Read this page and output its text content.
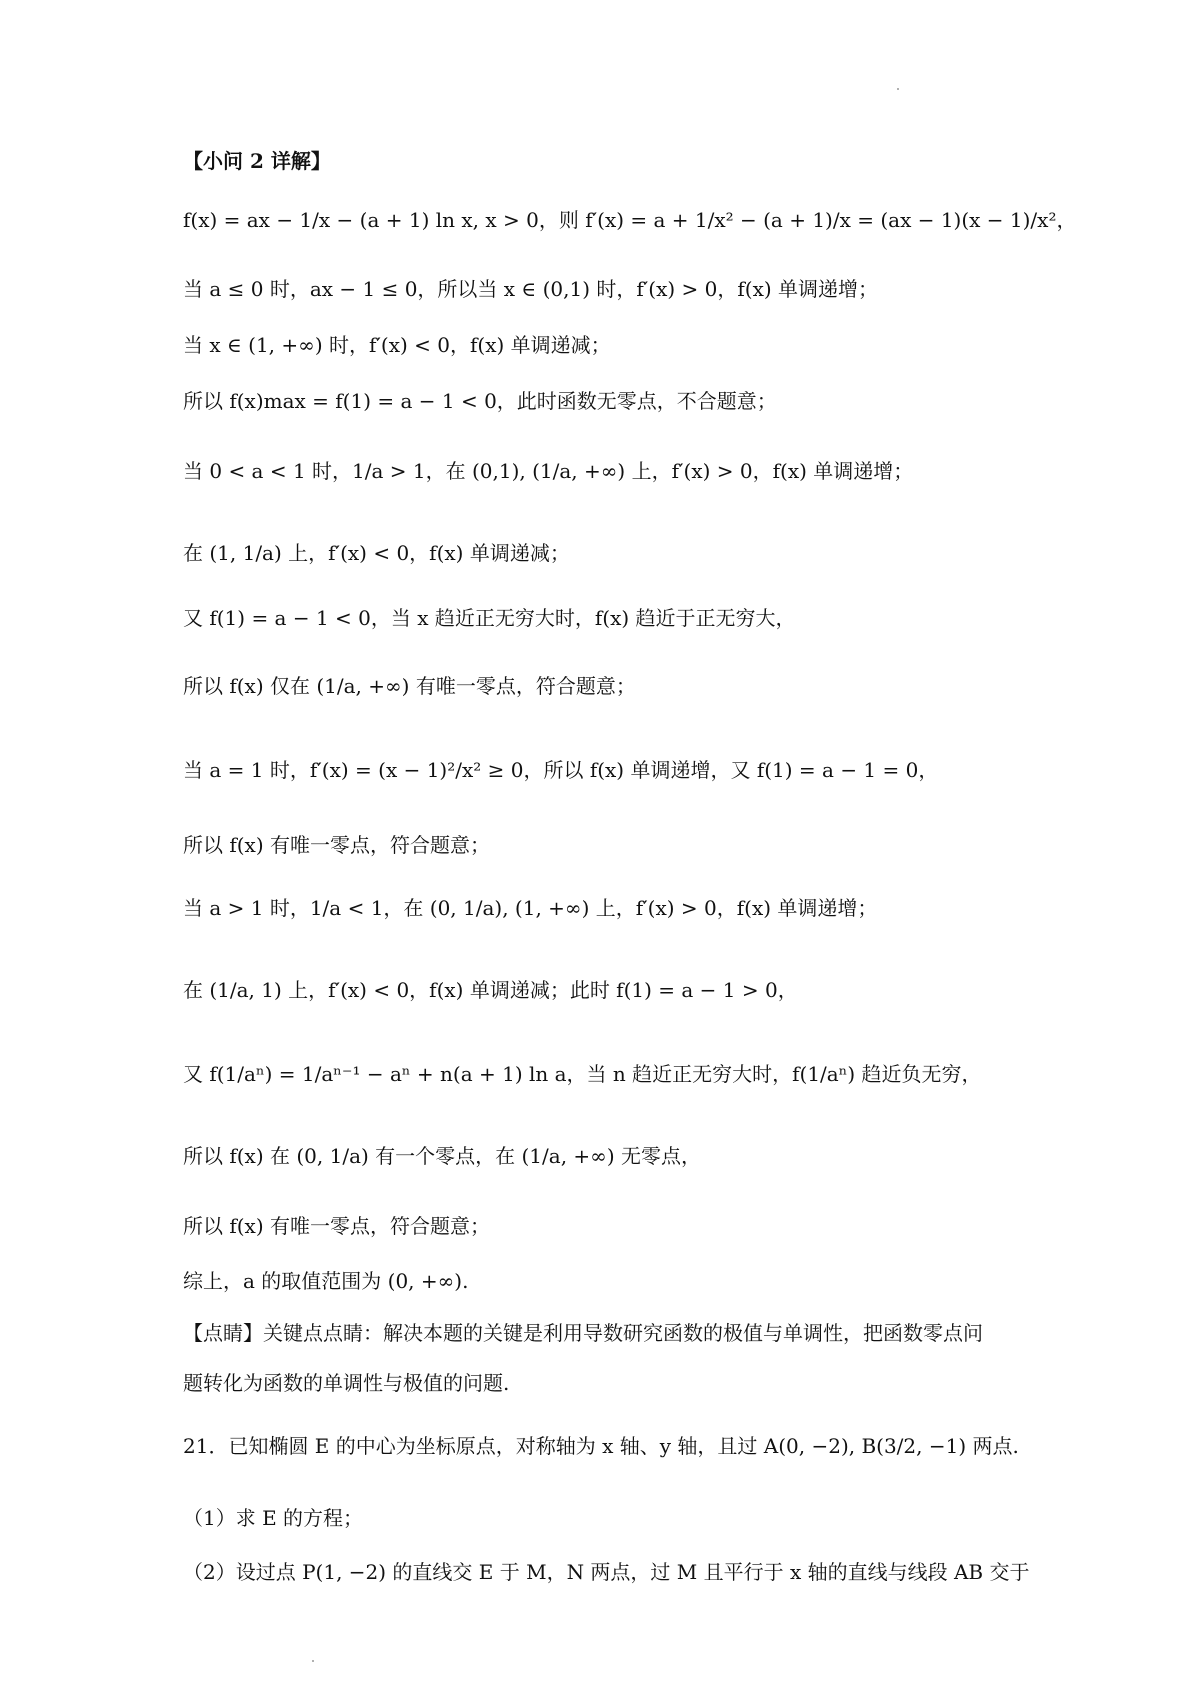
【小问 2 详解】
f(x) = ax − 1/x − (a + 1) ln x, x > 0，则 f′(x) = a + 1/x² − (a + 1)/x = (ax − 1)(x − 1)/x²，
当 a ≤ 0 时，ax − 1 ≤ 0，所以当 x ∈ (0,1) 时，f′(x) > 0，f(x) 单调递增；
当 x ∈ (1, +∞) 时，f′(x) < 0，f(x) 单调递减；
所以 f(x)max = f(1) = a − 1 < 0，此时函数无零点，不合题意；
当 0 < a < 1 时，1/a > 1，在 (0,1), (1/a, +∞) 上，f′(x) > 0，f(x) 单调递增；
在 (1, 1/a) 上，f′(x) < 0，f(x) 单调递减；
又 f(1) = a − 1 < 0，当 x 趋近正无穷大时，f(x) 趋近于正无穷大，
所以 f(x) 仅在 (1/a, +∞) 有唯一零点，符合题意；
当 a = 1 时，f′(x) = (x − 1)²/x² ≥ 0，所以 f(x) 单调递增，又 f(1) = a − 1 = 0，
所以 f(x) 有唯一零点，符合题意；
当 a > 1 时，1/a < 1，在 (0, 1/a), (1, +∞) 上，f′(x) > 0，f(x) 单调递增；
在 (1/a, 1) 上，f′(x) < 0，f(x) 单调递减；此时 f(1) = a − 1 > 0，
又 f(1/aⁿ) = 1/aⁿ⁻¹ − aⁿ + n(a + 1) ln a，当 n 趋近正无穷大时，f(1/aⁿ) 趋近负无穷，
所以 f(x) 在 (0, 1/a) 有一个零点，在 (1/a, +∞) 无零点，
所以 f(x) 有唯一零点，符合题意；
综上，a 的取值范围为 (0, +∞).
【点睛】关键点点睛：解决本题的关键是利用导数研究函数的极值与单调性，把函数零点问
题转化为函数的单调性与极值的问题.
21．已知椭圆 E 的中心为坐标原点，对称轴为 x 轴、y 轴，且过 A(0, −2), B(3/2, −1) 两点.
（1）求 E 的方程；
（2）设过点 P(1, −2) 的直线交 E 于 M，N 两点，过 M 且平行于 x 轴的直线与线段 AB 交于
